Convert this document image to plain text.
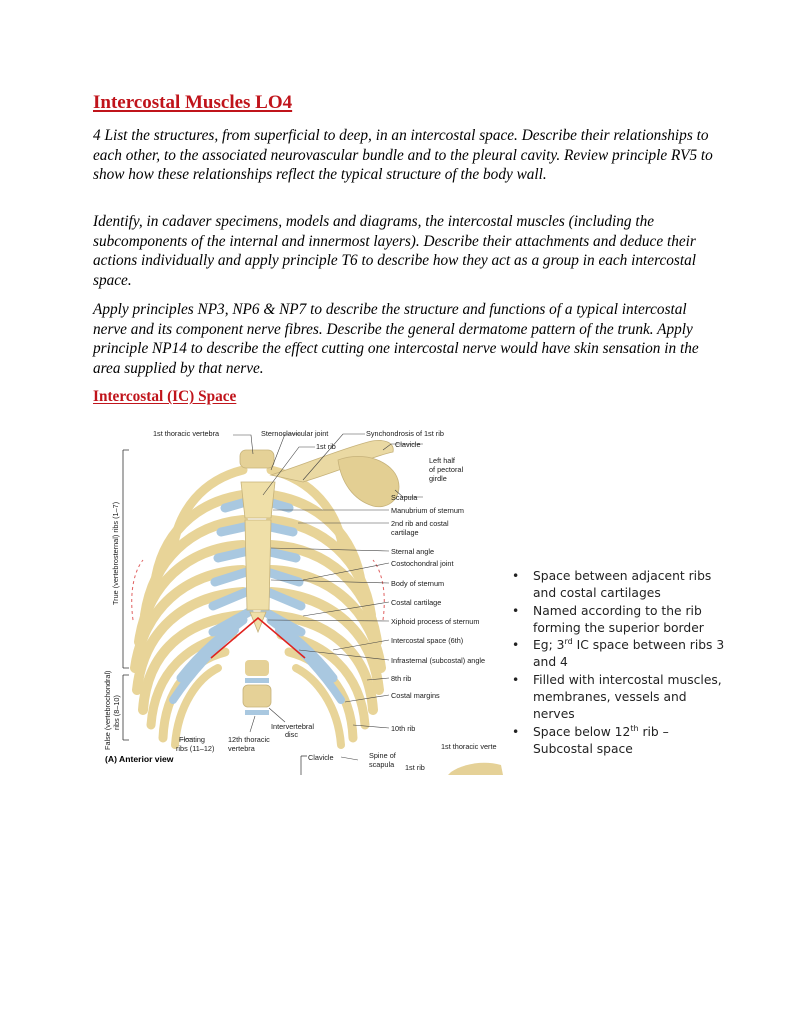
Intercostal Muscles LO4
4 List the structures, from superficial to deep, in an intercostal space. Describe their relationships to each other, to the associated neurovascular bundle and to the pleural cavity. Review principle RV5 to show how these relationships reflect the typical structure of the body wall.
Identify, in cadaver specimens, models and diagrams, the intercostal muscles (including the subcomponents of the internal and innermost layers). Describe their attachments and deduce their actions individually and apply principle T6 to describe how they act as a group in each intercostal space.
Apply principles NP3, NP6 & NP7 to describe the structure and functions of a typical intercostal nerve and its component nerve fibres. Describe the general dermatome pattern of the trunk. Apply principle NP14 to describe the effect cutting one intercostal nerve would have skin sensation in the area supplied by that nerve.
Intercostal (IC) Space
1st thoracic vertebra	Sternoclavicular joint	Synchondrosis of 1st rib
1st rib	Clavicle
Left half
of pectoral
girdle
Scapula
Manubrium of sternum
2nd rib and costal
cartilage
Sternal angle
Costochondral joint
Body of sternum
Costal cartilage
Xiphoid process of sternum
Intercostal space (6th)
Infrasternal (subcostal) angle
8th rib
Costal margins
10th rib
Intervertebral
disc
12th thoracic
vertebra
Floating
ribs (11–12)
True (vertebrosternal) ribs (1–7)
False (vertebrochondral) ribs (8–10)
(A) Anterior view	Clavicle	Spine of
scapula 1st rib
1st thoracic verte
• Space between adjacent ribs and costal cartilages
• Named according to the rib forming the superior border
• Eg; 3rd IC space between ribs 3 and 4
• Filled with intercostal muscles, membranes, vessels and nerves
• Space below 12th rib – Subcostal space
